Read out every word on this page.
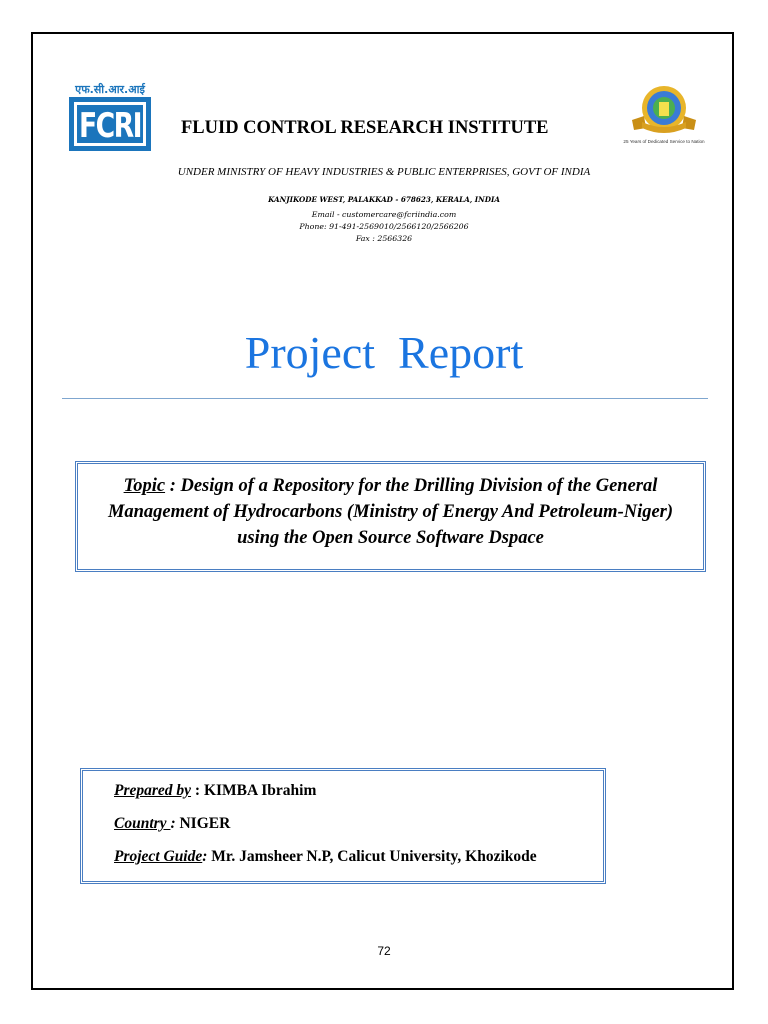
एफ.सी.आर.आई
FCRI FLUID CONTROL RESEARCH INSTITUTE
25 Years of Dedicated Service to Nation
UNDER MINISTRY OF HEAVY INDUSTRIES & PUBLIC ENTERPRISES, GOVT OF INDIA
KANJIKODE WEST, PALAKKAD - 678623, KERALA, INDIA
Email - customercare@fcriindia.com
Phone: 91-491-2569010/2566120/2566206
Fax : 2566326
Project  Report

Topic : Design of a Repository for the Drilling Division of the General Management of Hydrocarbons (Ministry of Energy And Petroleum-Niger) using the Open Source Software Dspace

Prepared by : KIMBA Ibrahim
Country : NIGER
Project Guide: Mr. Jamsheer N.P, Calicut University, Khozikode
72
